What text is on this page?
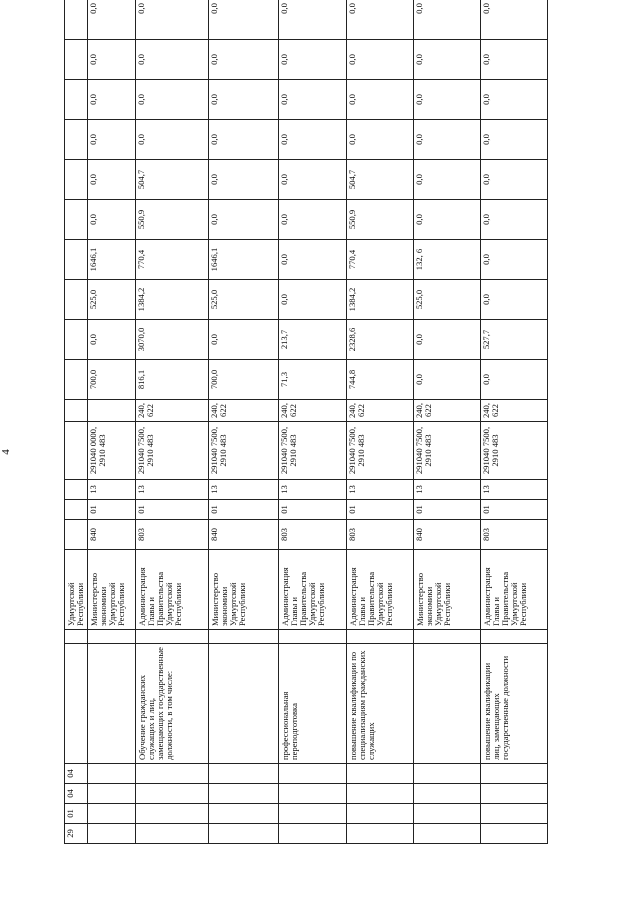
4
29	01	04	04			Удмуртской Республики															
						Министерство экономики Удмуртской Республики	840	01	13	291040 0000, 2910 483		700,0	0,0	525,0	1646,1	0,0	0,0	0,0	0,0	0,0	0,0
				Обучение гражданских служащих и лиц, замещающих государственные должности, в том числе:		Администрация Главы и Правительства Удмуртской Республики	803	01	13	291040 7500, 2910 483	240, 622	816,1	3070,0	1384,2	770,4	550,9	504,7	0,0	0,0	0,0	0,0
						Министерство экономики Удмуртской Республики	840	01	13	291040 7500, 2910 483	240, 622	700,0	0,0	525,0	1646,1	0,0	0,0	0,0	0,0	0,0	0,0
				профессиональная переподготовка		Администрация Главы и Правительства Удмуртской Республики	803	01	13	291040 7500, 2910 483	240, 622	71,3	213,7	0,0	0,0	0,0	0,0	0,0	0,0	0,0	0,0
				повышение квалификации по специализациям гражданских служащих		Администрация Главы и Правительства Удмуртской Республики	803	01	13	291040 7500, 2910 483	240, 622	744,8	2328,6	1384,2	770,4	550,9	504,7	0,0	0,0	0,0	0,0
						Министерство экономики Удмуртской Республики	840	01	13	291040 7500, 2910 483	240, 622	0,0	0,0	525,0	132, 6	0,0	0,0	0,0	0,0	0,0	0,0
				повышение квалификации лиц, замещающих государственные должности		Администрация Главы и Правительства Удмуртской Республики	803	01	13	291040 7500, 2910 483	240, 622	0,0	527,7	0,0	0,0	0,0	0,0	0,0	0,0	0,0	0,0
